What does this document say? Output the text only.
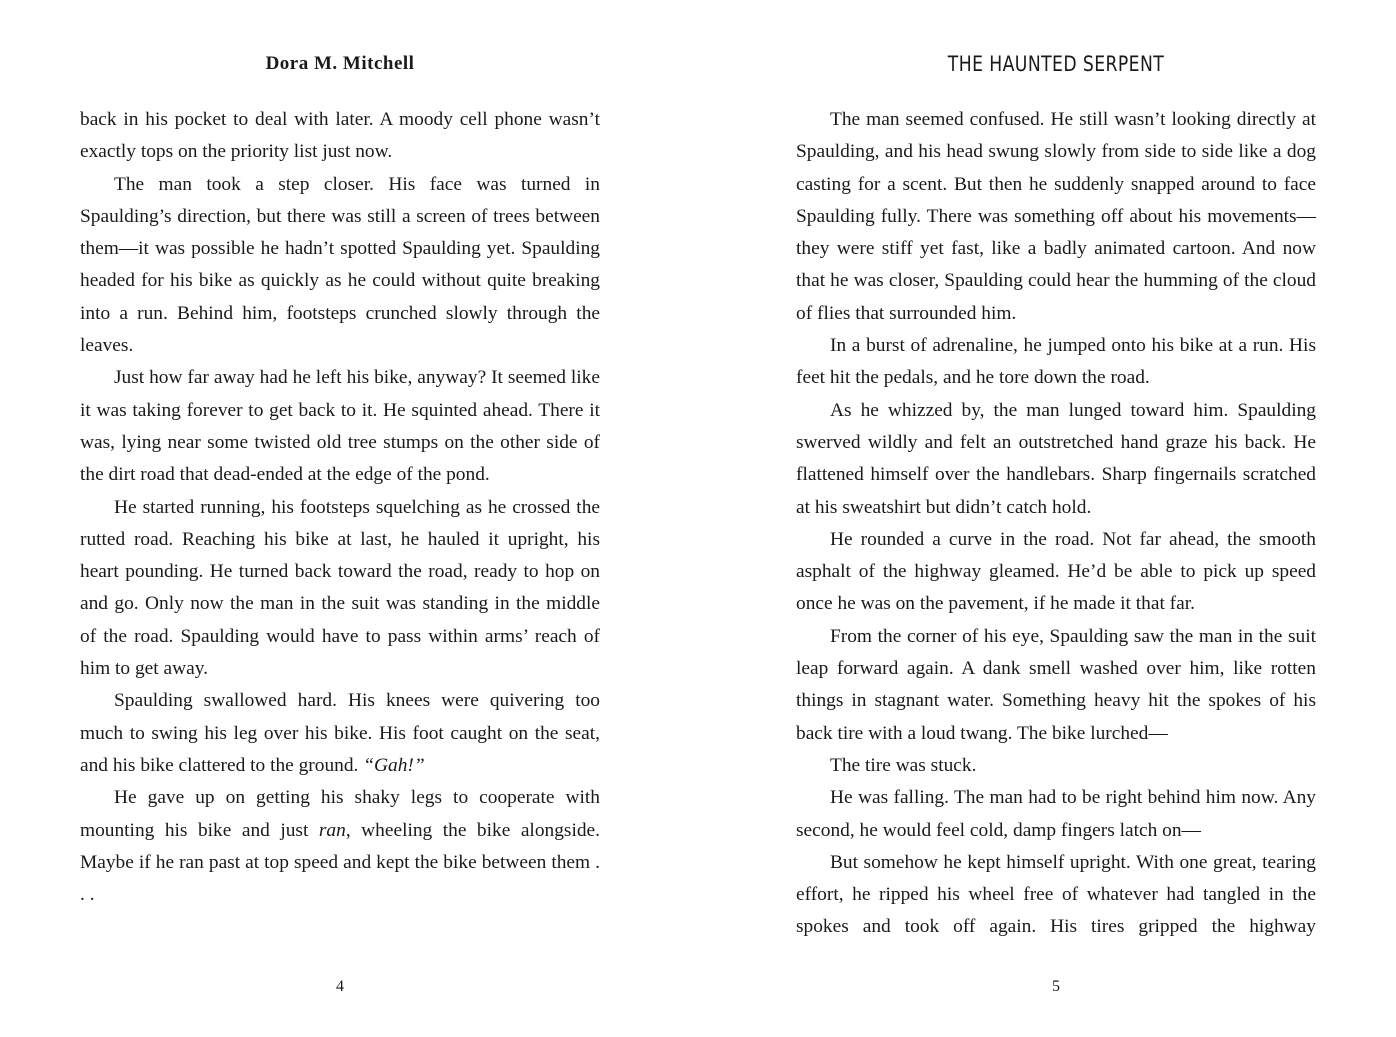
Dora M. Mitchell

back in his pocket to deal with later. A moody cell phone wasn’t exactly tops on the priority list just now.

The man took a step closer. His face was turned in Spaulding’s direction, but there was still a screen of trees between them—it was possible he hadn’t spotted Spaulding yet. Spaulding headed for his bike as quickly as he could without quite breaking into a run. Behind him, footsteps crunched slowly through the leaves.

Just how far away had he left his bike, anyway? It seemed like it was taking forever to get back to it. He squinted ahead. There it was, lying near some twisted old tree stumps on the other side of the dirt road that dead-ended at the edge of the pond.

He started running, his footsteps squelching as he crossed the rutted road. Reaching his bike at last, he hauled it upright, his heart pounding. He turned back toward the road, ready to hop on and go. Only now the man in the suit was standing in the middle of the road. Spaulding would have to pass within arms’ reach of him to get away.

Spaulding swallowed hard. His knees were quivering too much to swing his leg over his bike. His foot caught on the seat, and his bike clattered to the ground. “Gah!”

He gave up on getting his shaky legs to cooperate with mounting his bike and just ran, wheeling the bike alongside. Maybe if he ran past at top speed and kept the bike between them . . .

4
THE HAUNTED SERPENT

The man seemed confused. He still wasn’t looking directly at Spaulding, and his head swung slowly from side to side like a dog casting for a scent. But then he suddenly snapped around to face Spaulding fully. There was something off about his movements—they were stiff yet fast, like a badly animated cartoon. And now that he was closer, Spaulding could hear the humming of the cloud of flies that surrounded him.

In a burst of adrenaline, he jumped onto his bike at a run. His feet hit the pedals, and he tore down the road.

As he whizzed by, the man lunged toward him. Spaulding swerved wildly and felt an outstretched hand graze his back. He flattened himself over the handlebars. Sharp fingernails scratched at his sweatshirt but didn’t catch hold.

He rounded a curve in the road. Not far ahead, the smooth asphalt of the highway gleamed. He’d be able to pick up speed once he was on the pavement, if he made it that far.

From the corner of his eye, Spaulding saw the man in the suit leap forward again. A dank smell washed over him, like rotten things in stagnant water. Something heavy hit the spokes of his back tire with a loud twang. The bike lurched—

The tire was stuck.

He was falling. The man had to be right behind him now. Any second, he would feel cold, damp fingers latch on—

But somehow he kept himself upright. With one great, tearing effort, he ripped his wheel free of whatever had tangled in the spokes and took off again. His tires gripped the highway

5
